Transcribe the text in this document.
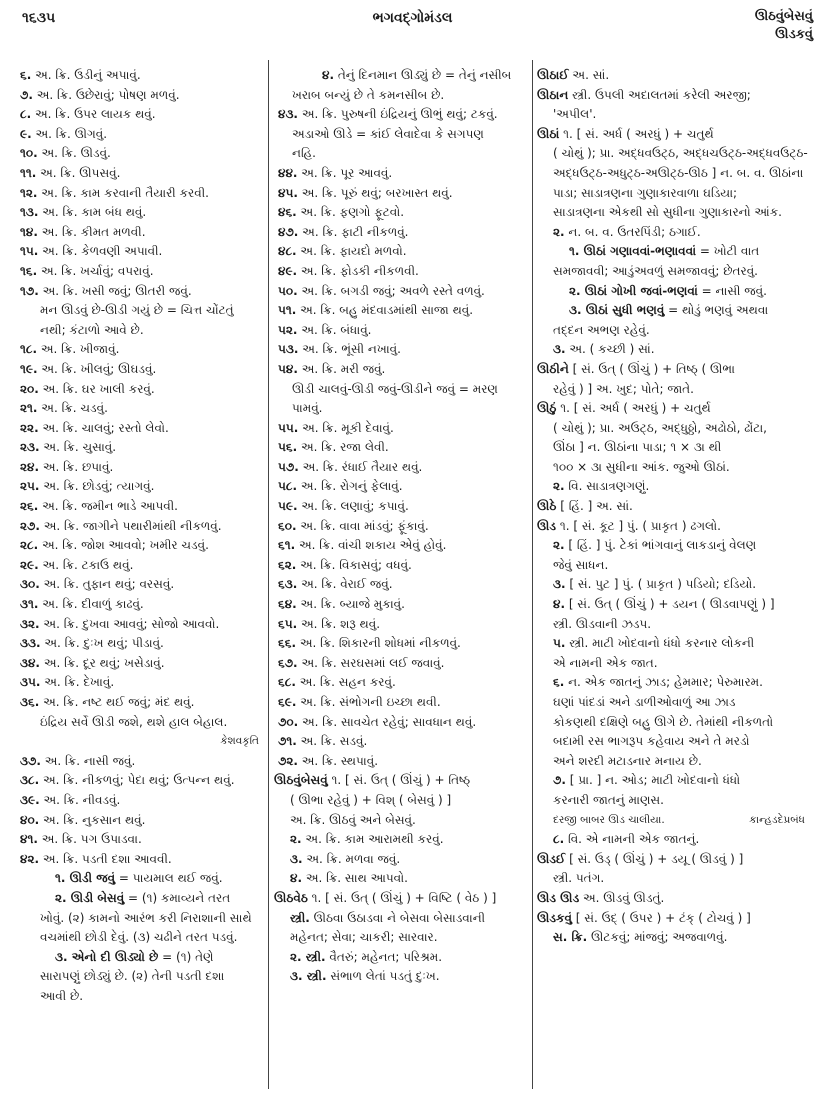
૧૬૩૫	ભગવદ્ગોમંડલ	ઊઠવુંબેસવું
ઊડકવું
૬. અ. ક્રિ. ઉડીનું અપાવું.
૭. અ. ક્રિ. ઉછેરાવું; પોષણ મળવું.
૮. અ. ક્રિ. ઉપર લાયક થવું.
૯. અ. ક્રિ. ઊગવું.
૧૦. અ. ક્રિ. ઊડવું.
૧૧. અ. ક્રિ. ઊપસવું.
૧૨. અ. ક્રિ. કામ કરવાની તૈયારી કરવી.
૧૩. અ. ક્રિ. કામ બંધ થવું.
૧૪. અ. ક્રિ. કીમત મળવી.
૧૫. અ. ક્રિ. કેળવણી અપાવી.
૧૬. અ. ક્રિ. ખર્ચાવું; વપરાવું.
૧૭. અ. ક્રિ. ખસી જવું; ઊતરી જવું.
મન ઊડવું છે-ઊડી ગયું છે = ચિત્ત ચોંટતું
નથી; કંટાળો આવે છે.
૧૮. અ. ક્રિ. ખીજાવું.
૧૯. અ. ક્રિ. ખીલવું; ઊઘડવું.
૨૦. અ. ક્રિ. ઘર ખાલી કરવું.
૨૧. અ. ક્રિ. ચડવું.
૨૨. અ. ક્રિ. ચાલવું; રસ્તો લેવો.
૨૩. અ. ક્રિ. ચુસાવું.
૨૪. અ. ક્રિ. છપાવું.
૨૫. અ. ક્રિ. છોડવું; ત્યાગવું.
૨૬. અ. ક્રિ. જમીન ભાડે આપવી.
૨૭. અ. ક્રિ. જાગીને પથારીમાંથી નીકળવું.
૨૮. અ. ક્રિ. જોશ આવવો; ખમીર ચડવું.
૨૯. અ. ક્રિ. ટકાઉ થવું.
૩૦. અ. ક્રિ. તુફાન થવું; વરસવું.
૩૧. અ. ક્રિ. દીવાળું કાઢવું.
૩૨. અ. ક્રિ. દુખવા આવવું; સોજો આવવો.
૩૩. અ. ક્રિ. દુઃખ થવું; પીડાવું.
૩૪. અ. ક્રિ. દૂર થવું; ખસેડાવું.
૩૫. અ. ક્રિ. દેખાવું.
૩૬. અ. ક્રિ. નષ્ટ થઈ જવું; મંદ થવું.
ઇંદ્રિય સર્વે ઊડી જશે, થશે હાલ બેહાલ.
કેશવકૃતિ
૩૭. અ. ક્રિ. નાસી જવું.
૩૮. અ. ક્રિ. નીકળવું; પેદા થવું; ઉત્પન્ન થવું.
૩૯. અ. ક્રિ. નીવડવું.
૪૦. અ. ક્રિ. નુકસાન થવું.
૪૧. અ. ક્રિ. પગ ઉપાડવા.
૪૨. અ. ક્રિ. પડતી દશા આવવી.
૧. ઊડી જવું = પાયમાલ થઈ જવું.
૨. ઊડી બેસવું = (૧) કમાવ્યને તરત
ખોવું. (૨) કામનો આરંભ કરી નિરાશાની સાથે
વચમાંથી છોડી દેવું. (૩) ચઢીને તરત પડવું.
૩. એનો દી ઊડ્યો છે = (૧) તેણે
સારાપણું છોડ્યું છે. (૨) તેની પડતી દશા
આવી છે.
૪. તેનું દિનમાન ઊડ્યું છે = તેનું નસીબ
ખરાબ બન્યું છે તે કમનસીબ છે.
૪૩. અ. ક્રિ. પુરુષની ઇંદ્રિયનું ઊભું થવું; ટકવું.
અડાઓ ઊડે = કાંઈ લેવાદેવા કે સગપણ
નહિ.
૪૪. અ. ક્રિ. પૂર આવવું.
૪૫. અ. ક્રિ. પૂરું થવું; બરખાસ્ત થવું.
૪૬. અ. ક્રિ. ફણગો ફૂટવો.
૪૭. અ. ક્રિ. ફાટી નીકળવું.
૪૮. અ. ક્રિ. ફાયદો મળવો.
૪૯. અ. ક્રિ. ફોડકી નીકળવી.
૫૦. અ. ક્રિ. બગડી જવું; અવળે રસ્તે વળવું.
૫૧. અ. ક્રિ. બહુ મંદવાડમાંથી સાજા થવું.
૫૨. અ. ક્રિ. બંધાવું.
૫૩. અ. ક્રિ. ભૂંસી નખાવું.
૫૪. અ. ક્રિ. મરી જવું.
ઊડી ચાલવું-ઊડી જવું-ઊડીને જવું = મરણ
પામવું.
૫૫. અ. ક્રિ. મૂકી દેવાવું.
૫૬. અ. ક્રિ. રજા લેવી.
૫૭. અ. ક્રિ. રંધાઈ તૈયાર થવું.
૫૮. અ. ક્રિ. રોગનું ફેલાવું.
૫૯. અ. ક્રિ. લણાવું; કપાવું.
૬૦. અ. ક્રિ. વાવા માંડવું; ફૂંકાવું.
૬૧. અ. ક્રિ. વાંચી શકાય એવું હોવું.
૬૨. અ. ક્રિ. વિકાસવું; વધવું.
૬૩. અ. ક્રિ. વેરાઈ જવું.
૬૪. અ. ક્રિ. બ્યાજે મુકાવું.
૬૫. અ. ક્રિ. શરૂ થવું.
૬૬. અ. ક્રિ. શિકારની શોધમાં નીકળવું.
૬૭. અ. ક્રિ. સરઘસમાં લઈ જવાવું.
૬૮. અ. ક્રિ. સહન કરવું.
૬૯. અ. ક્રિ. સંભોગની ઇચ્છા થવી.
૭૦. અ. ક્રિ. સાવચેત રહેવું; સાવધાન થવું.
૭૧. અ. ક્રિ. સડવું.
૭૨. અ. ક્રિ. સ્થપાવું.
ઊઠવુંબેસવું ૧. [ સં. ઉત્ ( ઊંચું ) + તિષ્ઠ્
( ઊભા રહેવું ) + વિશ્ ( બેસવું ) ]
અ. ક્રિ. ઊઠવું અને બેસવું.
૨. અ. ક્રિ. કામ આરામથી કરવું.
૩. અ. ક્રિ. મળવા જવું.
૪. અ. ક્રિ. સાથ આપવો.
ઊઠવેઠ ૧. [ સં. ઉત્ ( ઊંચું ) + વિષ્ટિ ( વેઠ ) ]
સ્ત્રી. ઊઠવા ઉઠાડવા ને બેસવા બેસાડવાની
મહેનત; સેવા; ચાકરી; સારવાર.
૨. સ્ત્રી. વૈતરું; મહેનત; પરિશ્રમ.
૩. સ્ત્રી. સંભાળ લેતાં પડતું દુઃખ.
ઊઠાઈ અ. સાં.
ઊઠાન સ્ત્રી. ઉપલી અદાલતમાં કરેલી અરજી;
'અપીલ'.
ઊઠાં ૧. [ સં. અર્ધ ( અરધું ) + ચતુર્થ
( ચોથું ); પ્રા. અદ્ધવઉટ્ઠ, અદ્ધચઉટ્ઠ-અદ્ધવઉટ્ઠ-
અદ્ધઉટ્ઠ-અધુટ્ઠ-અઊટ્ઠ-ઊઠ ] ન. બ. વ. ઊઠાંના
પાડા; સાડાત્રણના ગુણાકારવાળા ઘડિયા;
સાડાત્રણના એકથી સો સુધીના ગુણાકારનો આંક.
૨. ન. બ. વ. ઉતરપિંડી; ઠગાઈ.
૧. ઊઠાં ગણાવવાં-ભણાવવાં = ખોટી વાત
સમજાવવી; આડુંઅવળું સમજાવવું; છેતરવું.
૨. ઊઠાં ગોખી જવાં-ભણવાં = નાસી જવું.
૩. ઊઠાં સુધી ભણવું = થોડું ભણવું અથવા
તદ્દન અભણ રહેવું.
૩. અ. ( કચ્છી ) સાં.
ઊઠીને [ સં. ઉત્ ( ઊંચું ) + તિષ્ઠ્ ( ઊભા
રહેવું ) ] અ. ખુદ; પોતે; જાતે.
ઊઠું ૧. [ સં. અર્ધ ( અરધું ) + ચતુર્થ
( ચોથું ); પ્રા. અઉટ્ઠ, અદ્ધુઠ્ઠો, અઢોઠો, ઢોંટા,
ઊંઠા ] ન. ઊઠાંના પાડા; ૧ × ૩ા થી
૧૦૦ × ૩ા સુધીના આંક. જુઓ ઊઠાં.
૨. વિ. સાડાત્રણગણું.
ઊઠે [ હિં. ] અ. સાં.
ઊડ ૧. [ સં. કૂટ ] પું. ( પ્રાકૃત ) ઢગલો.
૨. [ હિં. ] પું. ટેકાં ભાંગવાનું લાકડાનું વેલણ
જેવું સાધન.
૩. [ સં. પુટ ] પું. ( પ્રાકૃત ) પડિયો; દડિયો.
૪. [ સં. ઉત્ ( ઊંચું ) + ડયન ( ઊડવાપણું ) ]
સ્ત્રી. ઊડવાની ઝડપ.
૫. સ્ત્રી. માટી ખોદવાનો ધંધો કરનાર લોકની
એ નામની એક જાત.
૬. ન. એક જાતનું ઝાડ; હેમમાર; પેરુમારમ.
ઘણાં પાંદડાં અને ડાળીઓવાળું આ ઝાડ
કોકણથી દક્ષિણે બહુ ઊગે છે. તેમાંથી નીકળતો
બદામી રસ ભાગરૂપ કહેવાય અને તે મરડો
અને શરદી મટાડનાર મનાય છે.
૭. [ પ્રા. ] ન. ઓડ; માટી ખોદવાનો ધંધો
કરનારી જાતનું માણસ.
દરજી બાબર ઊડ ચાલીયા.	કાન્હડદેપ્રબંધ
૮. વિ. એ નામની એક જાતનું.
ઊડઈ [ સં. ઉડ્ ( ઊંચું ) + ડયૂ ( ઊડવું ) ]
સ્ત્રી. પતંગ.
ઊડ ઊડ અ. ઊડવું ઊડતું.
ઊડકવું [ સં. ઉદ્ ( ઉપર ) + ટંક્ ( ટોચવું ) ]
સ. ક્રિ. ઊટકવું; માંજવું; અજવાળવું.
